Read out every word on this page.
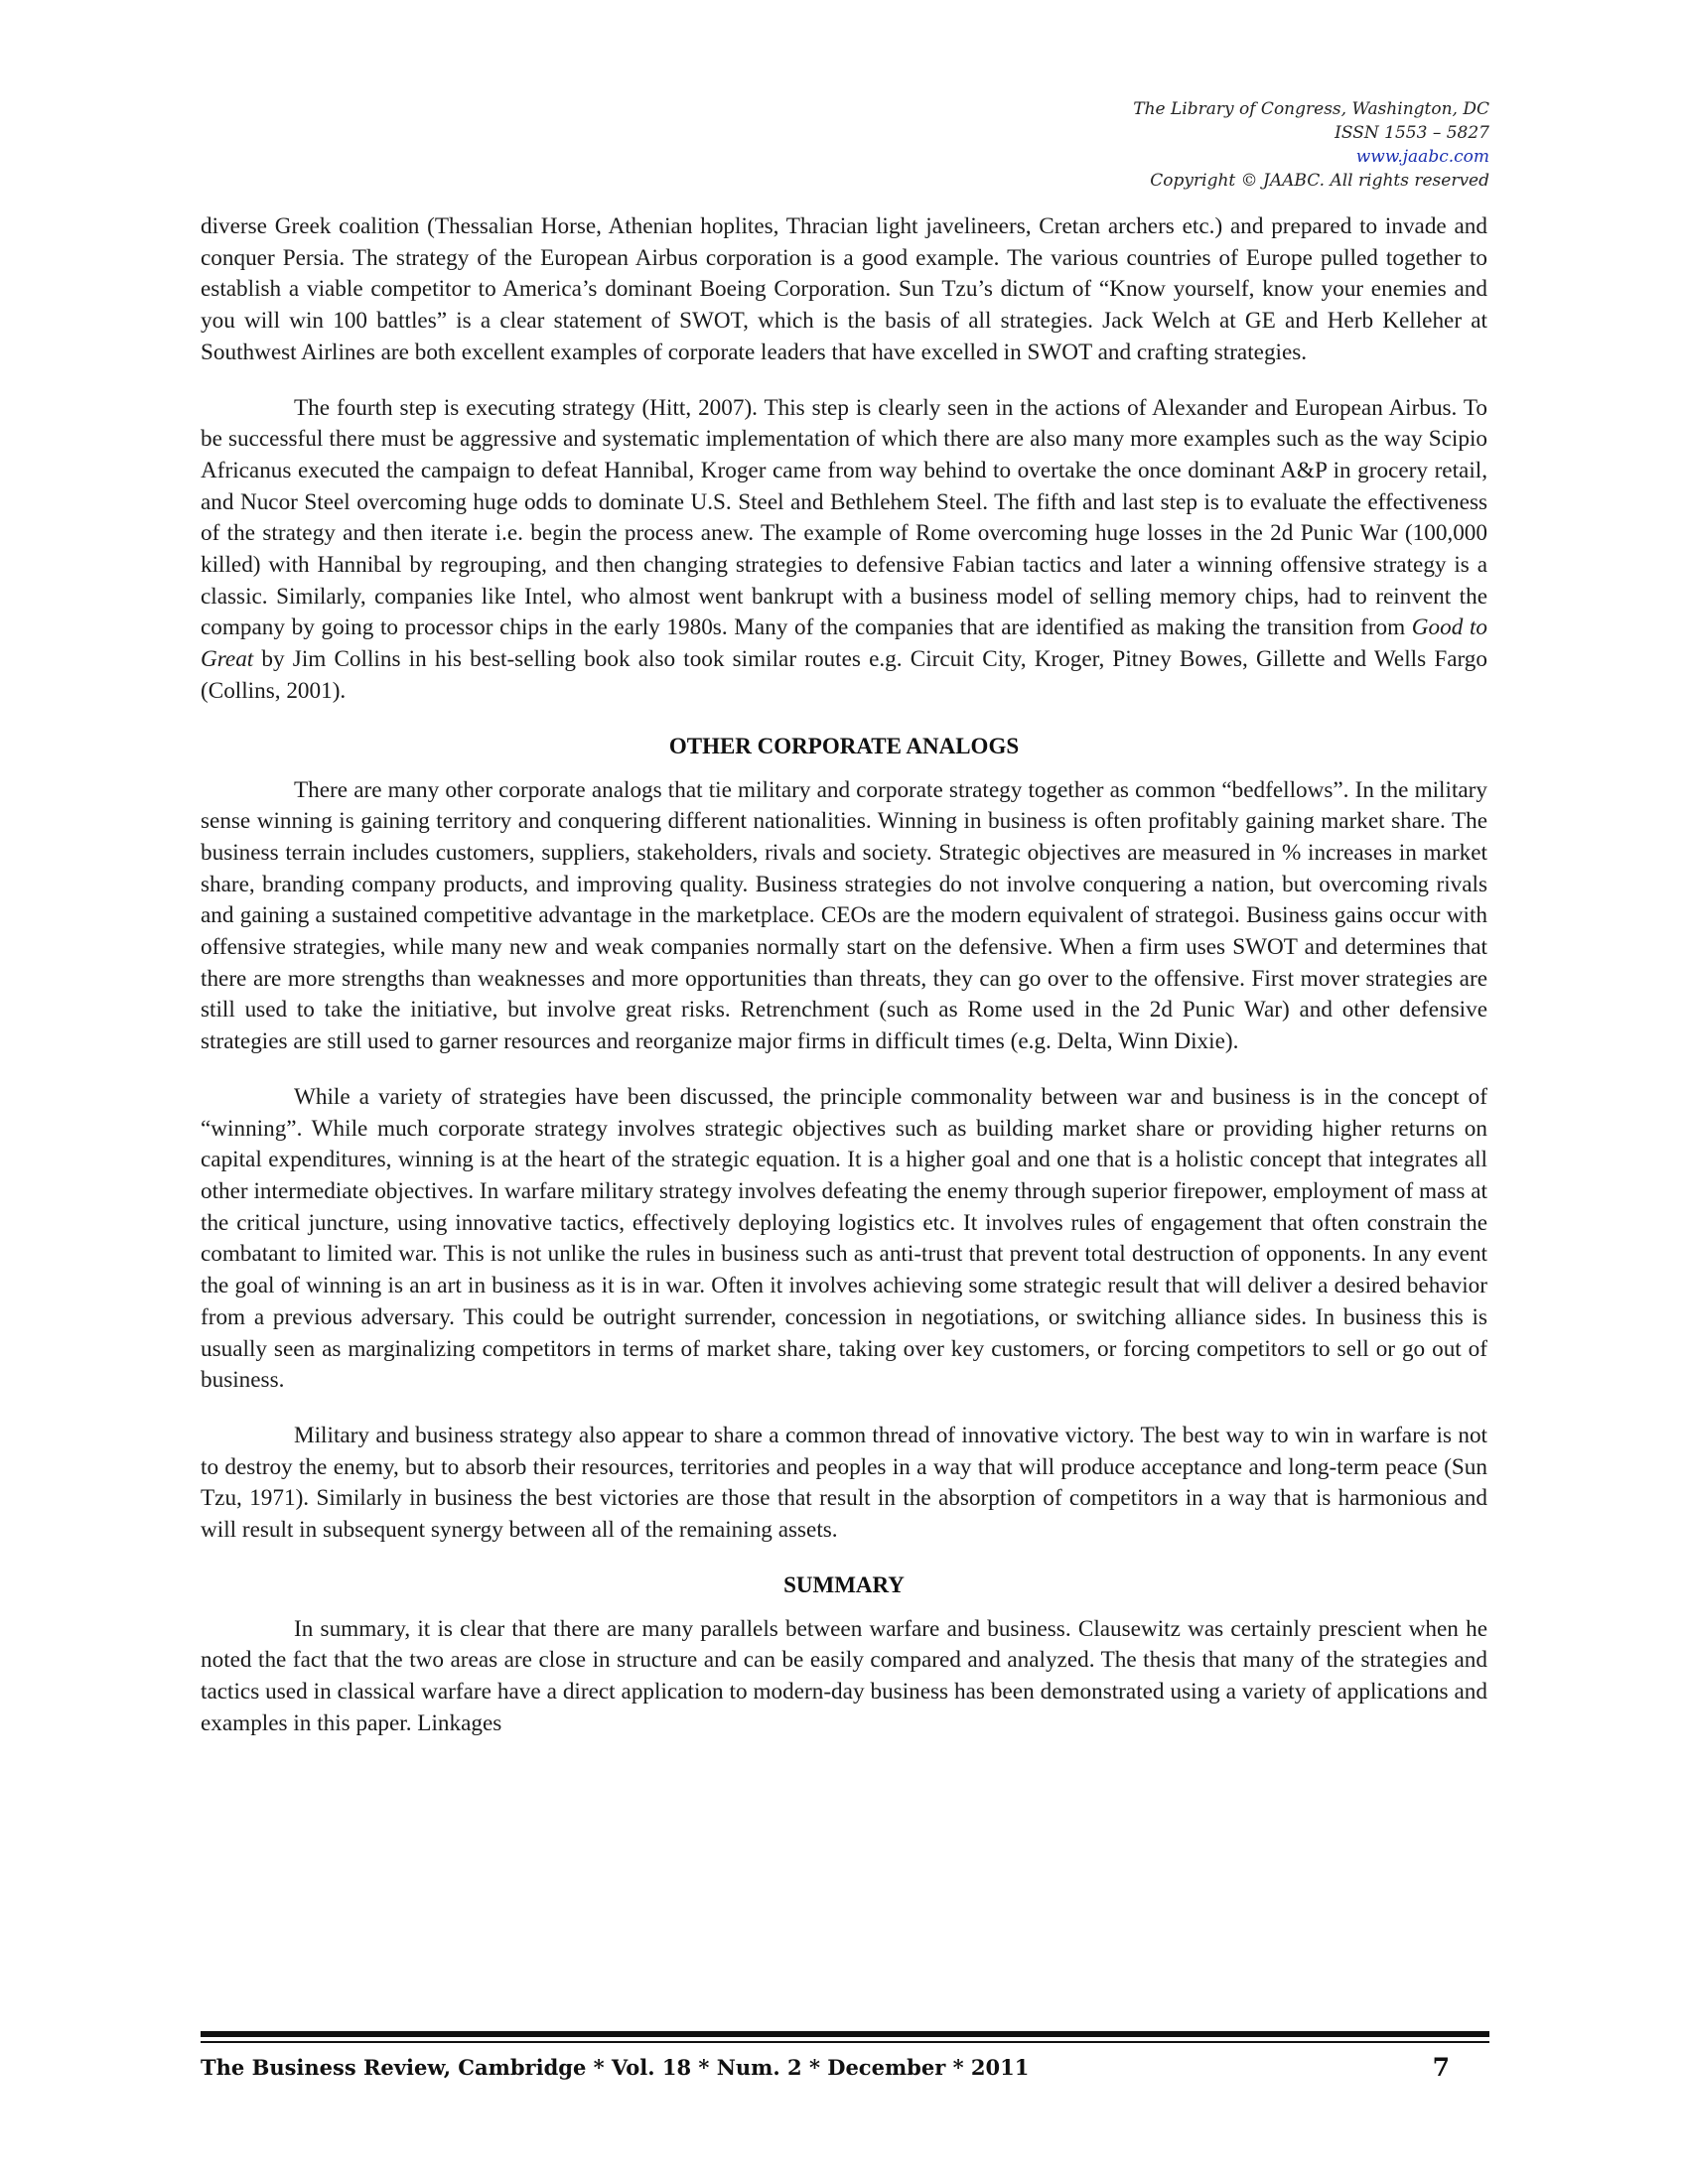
The Library of Congress, Washington, DC
ISSN 1553 – 5827
www.jaabc.com
Copyright © JAABC. All rights reserved

diverse Greek coalition (Thessalian Horse, Athenian hoplites, Thracian light javelineers, Cretan archers etc.) and prepared to invade and conquer Persia. The strategy of the European Airbus corporation is a good example. The various countries of Europe pulled together to establish a viable competitor to America’s dominant Boeing Corporation. Sun Tzu’s dictum of “Know yourself, know your enemies and you will win 100 battles” is a clear statement of SWOT, which is the basis of all strategies. Jack Welch at GE and Herb Kelleher at Southwest Airlines are both excellent examples of corporate leaders that have excelled in SWOT and crafting strategies.

The fourth step is executing strategy (Hitt, 2007). This step is clearly seen in the actions of Alexander and European Airbus. To be successful there must be aggressive and systematic implementation of which there are also many more examples such as the way Scipio Africanus executed the campaign to defeat Hannibal, Kroger came from way behind to overtake the once dominant A&P in grocery retail, and Nucor Steel overcoming huge odds to dominate U.S. Steel and Bethlehem Steel. The fifth and last step is to evaluate the effectiveness of the strategy and then iterate i.e. begin the process anew. The example of Rome overcoming huge losses in the 2d Punic War (100,000 killed) with Hannibal by regrouping, and then changing strategies to defensive Fabian tactics and later a winning offensive strategy is a classic. Similarly, companies like Intel, who almost went bankrupt with a business model of selling memory chips, had to reinvent the company by going to processor chips in the early 1980s. Many of the companies that are identified as making the transition from Good to Great by Jim Collins in his best-selling book also took similar routes e.g. Circuit City, Kroger, Pitney Bowes, Gillette and Wells Fargo (Collins, 2001).

OTHER CORPORATE ANALOGS

There are many other corporate analogs that tie military and corporate strategy together as common “bedfellows”. In the military sense winning is gaining territory and conquering different nationalities. Winning in business is often profitably gaining market share. The business terrain includes customers, suppliers, stakeholders, rivals and society. Strategic objectives are measured in % increases in market share, branding company products, and improving quality. Business strategies do not involve conquering a nation, but overcoming rivals and gaining a sustained competitive advantage in the marketplace. CEOs are the modern equivalent of strategoi. Business gains occur with offensive strategies, while many new and weak companies normally start on the defensive. When a firm uses SWOT and determines that there are more strengths than weaknesses and more opportunities than threats, they can go over to the offensive. First mover strategies are still used to take the initiative, but involve great risks. Retrenchment (such as Rome used in the 2d Punic War) and other defensive strategies are still used to garner resources and reorganize major firms in difficult times (e.g. Delta, Winn Dixie).

While a variety of strategies have been discussed, the principle commonality between war and business is in the concept of “winning”. While much corporate strategy involves strategic objectives such as building market share or providing higher returns on capital expenditures, winning is at the heart of the strategic equation. It is a higher goal and one that is a holistic concept that integrates all other intermediate objectives. In warfare military strategy involves defeating the enemy through superior firepower, employment of mass at the critical juncture, using innovative tactics, effectively deploying logistics etc. It involves rules of engagement that often constrain the combatant to limited war. This is not unlike the rules in business such as anti-trust that prevent total destruction of opponents. In any event the goal of winning is an art in business as it is in war. Often it involves achieving some strategic result that will deliver a desired behavior from a previous adversary. This could be outright surrender, concession in negotiations, or switching alliance sides. In business this is usually seen as marginalizing competitors in terms of market share, taking over key customers, or forcing competitors to sell or go out of business.

Military and business strategy also appear to share a common thread of innovative victory. The best way to win in warfare is not to destroy the enemy, but to absorb their resources, territories and peoples in a way that will produce acceptance and long-term peace (Sun Tzu, 1971). Similarly in business the best victories are those that result in the absorption of competitors in a way that is harmonious and will result in subsequent synergy between all of the remaining assets.

SUMMARY

In summary, it is clear that there are many parallels between warfare and business. Clausewitz was certainly prescient when he noted the fact that the two areas are close in structure and can be easily compared and analyzed. The thesis that many of the strategies and tactics used in classical warfare have a direct application to modern-day business has been demonstrated using a variety of applications and examples in this paper. Linkages

The Business Review, Cambridge * Vol. 18 * Num. 2 * December * 2011	7
